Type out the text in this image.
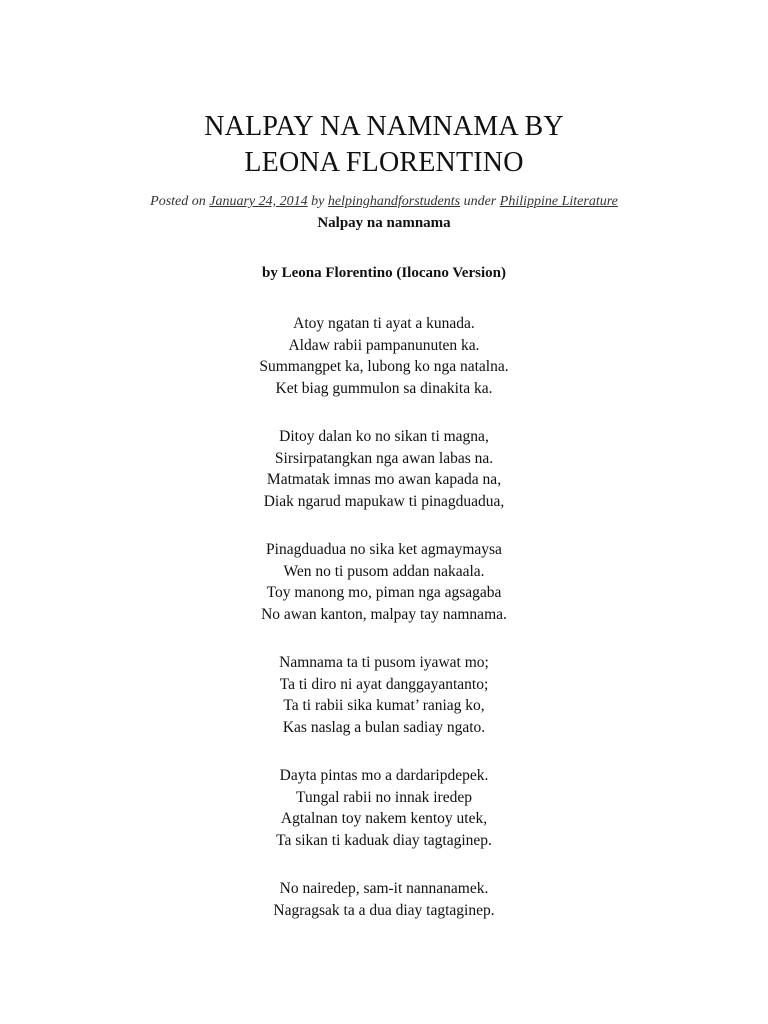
NALPAY NA NAMNAMA BY
LEONA FLORENTINO
Posted on January 24, 2014 by helpinghandforstudents under Philippine Literature
Nalpay na namnama
by Leona Florentino (Ilocano Version)
Atoy ngatan ti ayat a kunada.
Aldaw rabii pampanunuten ka.
Summangpet ka, lubong ko nga natalna.
Ket biag gummulon sa dinakita ka.
Ditoy dalan ko no sikan ti magna,
Sirsirpatangkan nga awan labas na.
Matmatak imnas mo awan kapada na,
Diak ngarud mapukaw ti pinagduadua,
Pinagduadua no sika ket agmaymaysa
Wen no ti pusom addan nakaala.
Toy manong mo, piman nga agsagaba
No awan kanton, malpay tay namnama.
Namnama ta ti pusom iyawat mo;
Ta ti diro ni ayat danggayantanto;
Ta ti rabii sika kumat’ raniag ko,
Kas naslag a bulan sadiay ngato.
Dayta pintas mo a dardaripdepek.
Tungal rabii no innak iredep
Agtalnan toy nakem kentoy utek,
Ta sikan ti kaduak diay tagtaginep.
No nairedep, sam-it nannanamek.
Nagragsak ta a dua diay tagtaginep.
